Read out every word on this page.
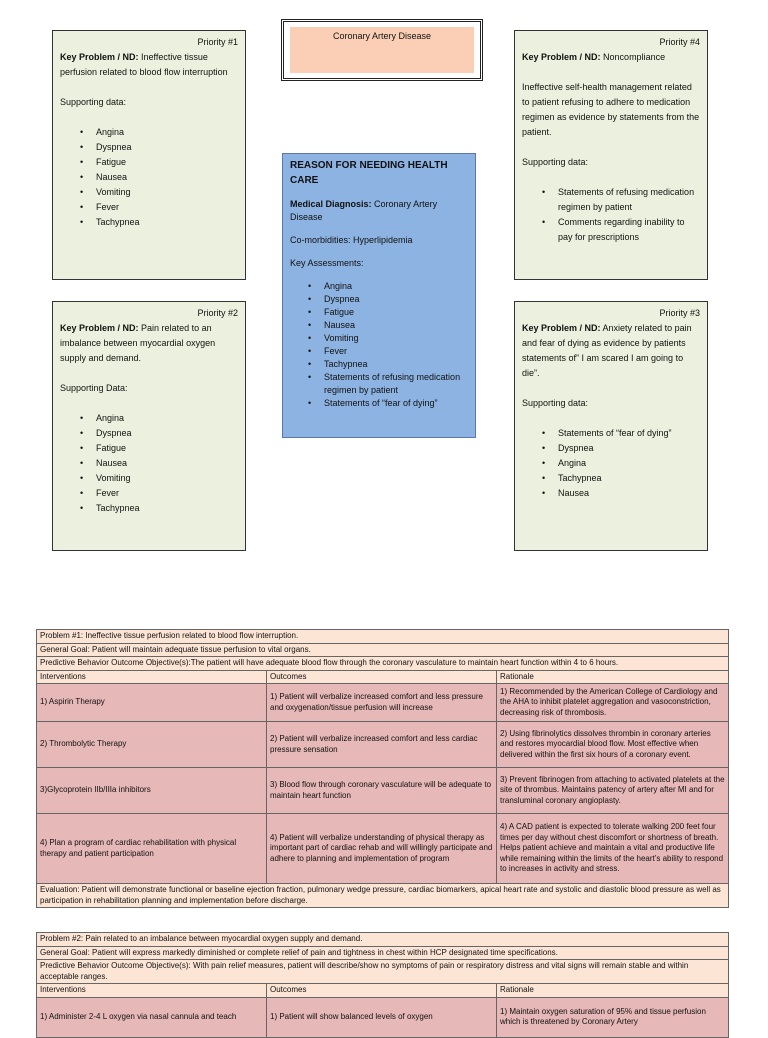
Coronary Artery Disease
Priority #1
Key Problem / ND: Ineffective tissue perfusion related to blood flow interruption
Supporting data:
• Angina
• Dyspnea
• Fatigue
• Nausea
• Vomiting
• Fever
• Tachypnea
Priority #2
Key Problem / ND: Pain related to an imbalance between myocardial oxygen supply and demand.
Supporting Data:
• Angina
• Dyspnea
• Fatigue
• Nausea
• Vomiting
• Fever
• Tachypnea
Priority #4
Key Problem / ND: Noncompliance
Ineffective self-health management related to patient refusing to adhere to medication regimen as evidence by statements from the patient.
Supporting data:
• Statements of refusing medication regimen by patient
• Comments regarding inability to pay for prescriptions
Priority #3
Key Problem / ND: Anxiety related to pain and fear of dying as evidence by patients statements of” I am scared I am going to die”.
Supporting data:
• Statements of “fear of dying”
• Dyspnea
• Angina
• Tachypnea
• Nausea
REASON FOR NEEDING HEALTH CARE
Medical Diagnosis: Coronary Artery Disease
Co-morbidities: Hyperlipidemia
Key Assessments:
• Angina
• Dyspnea
• Fatigue
• Nausea
• Vomiting
• Fever
• Tachypnea
• Statements of refusing medication regimen by patient
• Statements of “fear of dying”
Problem #1: Ineffective tissue perfusion related to blood flow interruption.		
General Goal: Patient will maintain adequate tissue perfusion to vital organs.		
Predictive Behavior Outcome Objective(s):The patient will have adequate blood flow through the coronary vasculature to maintain heart function within 4 to 6 hours.		
Interventions	Outcomes	Rationale
1) Aspirin Therapy	1) Patient will verbalize increased comfort and less pressure and oxygenation/tissue perfusion will increase	1) Recommended by the American College of Cardiology and the AHA to inhibit platelet aggregation and vasoconstriction, decreasing risk of thrombosis.
2) Thrombolytic Therapy	2) Patient will verbalize increased comfort and less cardiac pressure sensation	2) Using fibrinolytics dissolves thrombin in coronary arteries and restores myocardial blood flow. Most effective when delivered within the first six hours of a coronary event.
3)Glycoprotein IIb/IIIa inhibitors	3) Blood flow through coronary vasculature will be adequate to maintain heart function	3) Prevent fibrinogen from attaching to activated platelets at the site of thrombus. Maintains patency of artery after MI and for transluminal coronary angioplasty.
4) Plan a program of cardiac rehabilitation with physical therapy and patient participation	4) Patient will verbalize understanding of physical therapy as important part of cardiac rehab and will willingly participate and adhere to planning and implementation of program	4) A CAD patient is expected to tolerate walking 200 feet four times per day without chest discomfort or shortness of breath. Helps patient achieve and maintain a vital and productive life while remaining within the limits of the heart’s ability to respond to increases in activity and stress.
Evaluation: Patient will demonstrate functional or baseline ejection fraction, pulmonary wedge pressure, cardiac biomarkers, apical heart rate and systolic and diastolic blood pressure as well as participation in rehabilitation planning and implementation before discharge.		
Problem #2: Pain related to an imbalance between myocardial oxygen supply and demand.		
General Goal: Patient will express markedly diminished or complete relief of pain and tightness in chest within HCP designated time specifications.		
Predictive Behavior Outcome Objective(s): With pain relief measures, patient will describe/show no symptoms of pain or respiratory distress and vital signs will remain stable and within acceptable ranges.		
Interventions	Outcomes	Rationale
1) Administer 2-4 L oxygen via nasal cannula and teach	1) Patient will show balanced levels of oxygen	1) Maintain oxygen saturation of 95% and tissue perfusion which is threatened by Coronary Artery
